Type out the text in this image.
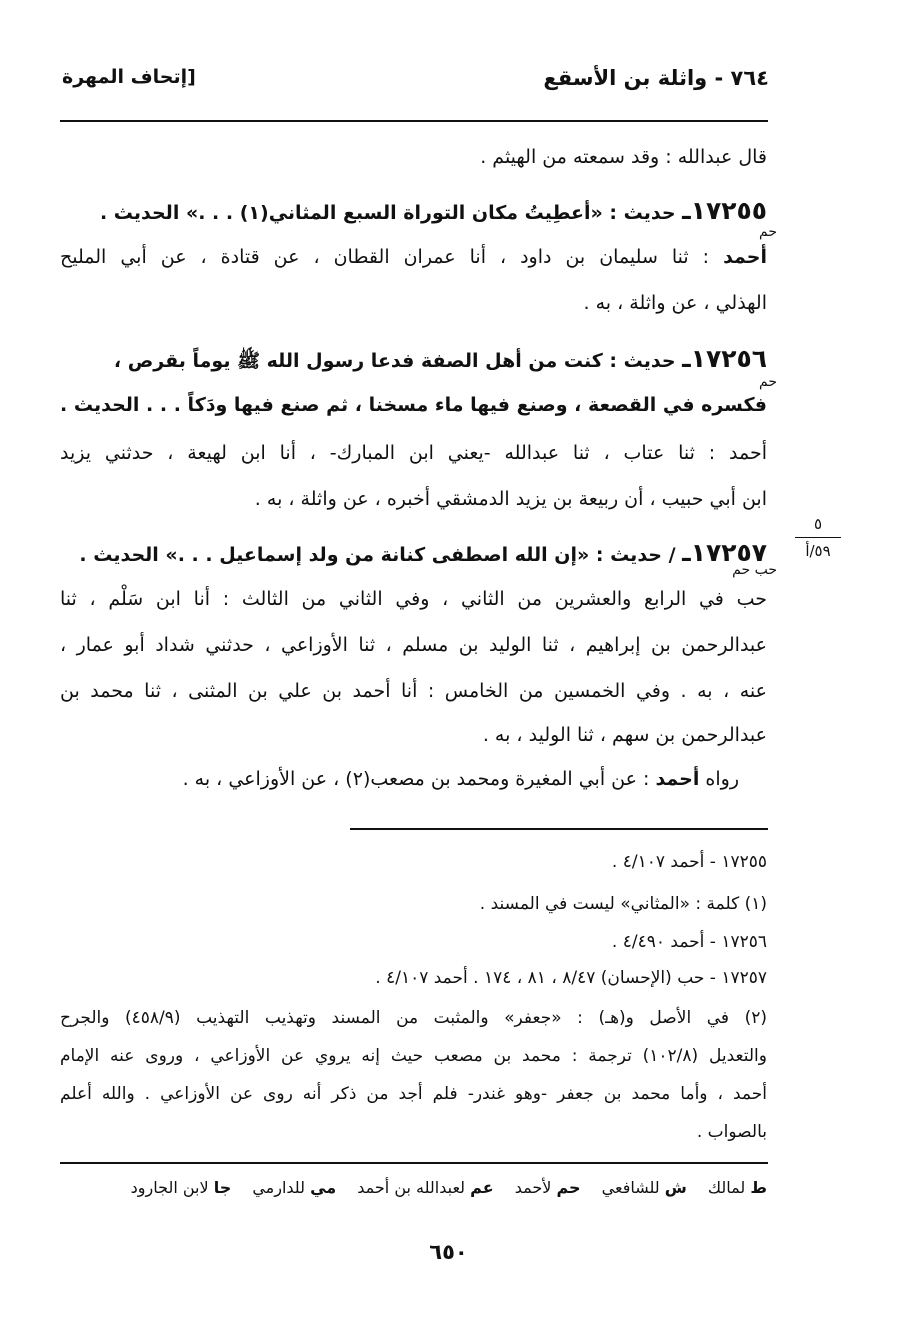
٧٦٤ - واثلة بن الأسقع
[إتحاف المهرة
قال عبدالله : وقد سمعته من الهيثم .
١٧٢٥٥ـ حديث : «أعطِيتُ مكان التوراة السبع المثاني(١) . . .» الحديث .
حم
أحمد : ثنا سليمان بن داود ، أنا عمران القطان ، عن قتادة ، عن أبي المليح
الهذلي ، عن واثلة ، به .
١٧٢٥٦ـ حديث : كنت من أهل الصفة فدعا رسول الله ﷺ يوماً بقرص ،
حم
فكسره في القصعة ، وصنع فيها ماء مسخنا ، ثم صنع فيها ودَكاً . . . الحديث .
أحمد : ثنا عتاب ، ثنا عبدالله -يعني ابن المبارك- ، أنا ابن لهيعة ، حدثني يزيد
ابن أبي حبيب ، أن ربيعة بن يزيد الدمشقي أخبره ، عن واثلة ، به .
١٧٢٥٧ـ / حديث : «إن الله اصطفى كنانة من ولد إسماعيل . . .» الحديث .
حب حم
حب في الرابع والعشرين من الثاني ، وفي الثاني من الثالث : أنا ابن سَلْم ، ثنا
عبدالرحمن بن إبراهيم ، ثنا الوليد بن مسلم ، ثنا الأوزاعي ، حدثني شداد أبو عمار ،
عنه ، به . وفي الخمسين من الخامس : أنا أحمد بن علي بن المثنى ، ثنا محمد بن
عبدالرحمن بن سهم ، ثنا الوليد ، به .
رواه أحمد : عن أبي المغيرة ومحمد بن مصعب(٢) ، عن الأوزاعي ، به .
٥
٥٩/أ
١٧٢٥٥ - أحمد ٤/١٠٧ .
(١) كلمة : «المثاني» ليست في المسند .
١٧٢٥٦ - أحمد ٤/٤٩٠ .
١٧٢٥٧ - حب (الإحسان) ٨/٤٧ ، ٨١ ، ١٧٤ . أحمد ٤/١٠٧ .
(٢) في الأصل و(هـ) : «جعفر» والمثبت من المسند وتهذيب التهذيب (٤٥٨/٩) والجرح
والتعديل (١٠٢/٨) ترجمة : محمد بن مصعب حيث إنه يروي عن الأوزاعي ، وروى عنه الإمام
أحمد ، وأما محمد بن جعفر -وهو غندر- فلم أجد من ذكر أنه روى عن الأوزاعي . والله أعلم
بالصواب .
ط لمالك ش للشافعي حم لأحمد عم لعبدالله بن أحمد مي للدارمي جا لابن الجارود
٦٥٠
